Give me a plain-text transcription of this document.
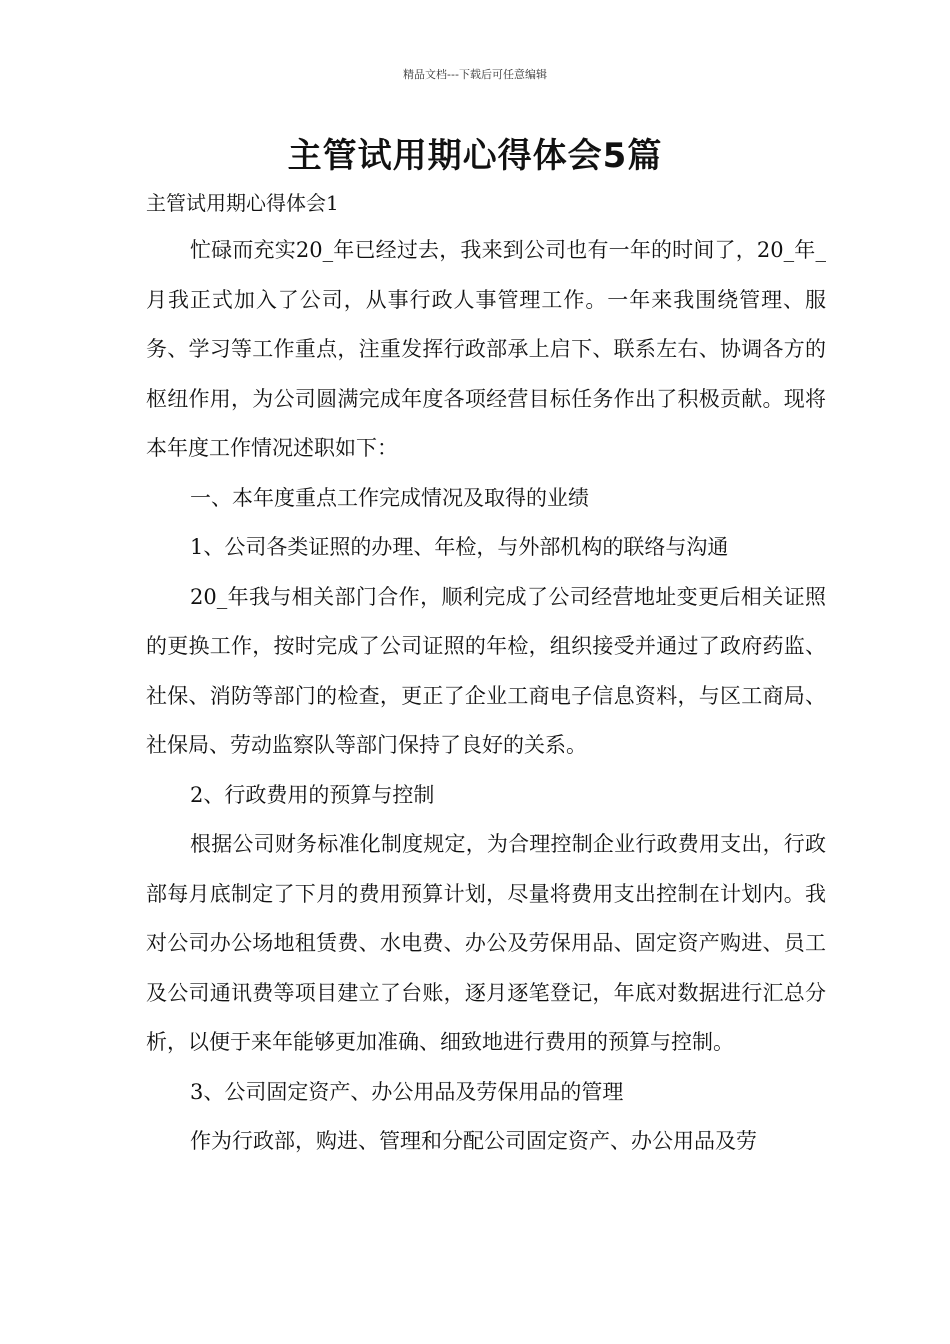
精品文档---下载后可任意编辑
主管试用期心得体会5篇

主管试用期心得体会1

忙碌而充实20_年已经过去，我来到公司也有一年的时间了，20_年_月我正式加入了公司，从事行政人事管理工作。一年来我围绕管理、服务、学习等工作重点，注重发挥行政部承上启下、联系左右、协调各方的枢纽作用，为公司圆满完成年度各项经营目标任务作出了积极贡献。现将本年度工作情况述职如下：

一、本年度重点工作完成情况及取得的业绩

1、公司各类证照的办理、年检，与外部机构的联络与沟通

20_年我与相关部门合作，顺利完成了公司经营地址变更后相关证照的更换工作，按时完成了公司证照的年检，组织接受并通过了政府药监、社保、消防等部门的检查，更正了企业工商电子信息资料，与区工商局、社保局、劳动监察队等部门保持了良好的关系。

2、行政费用的预算与控制

根据公司财务标准化制度规定，为合理控制企业行政费用支出，行政部每月底制定了下月的费用预算计划，尽量将费用支出控制在计划内。我对公司办公场地租赁费、水电费、办公及劳保用品、固定资产购进、员工及公司通讯费等项目建立了台账，逐月逐笔登记，年底对数据进行汇总分析，以便于来年能够更加准确、细致地进行费用的预算与控制。

3、公司固定资产、办公用品及劳保用品的管理

作为行政部，购进、管理和分配公司固定资产、办公用品及劳
